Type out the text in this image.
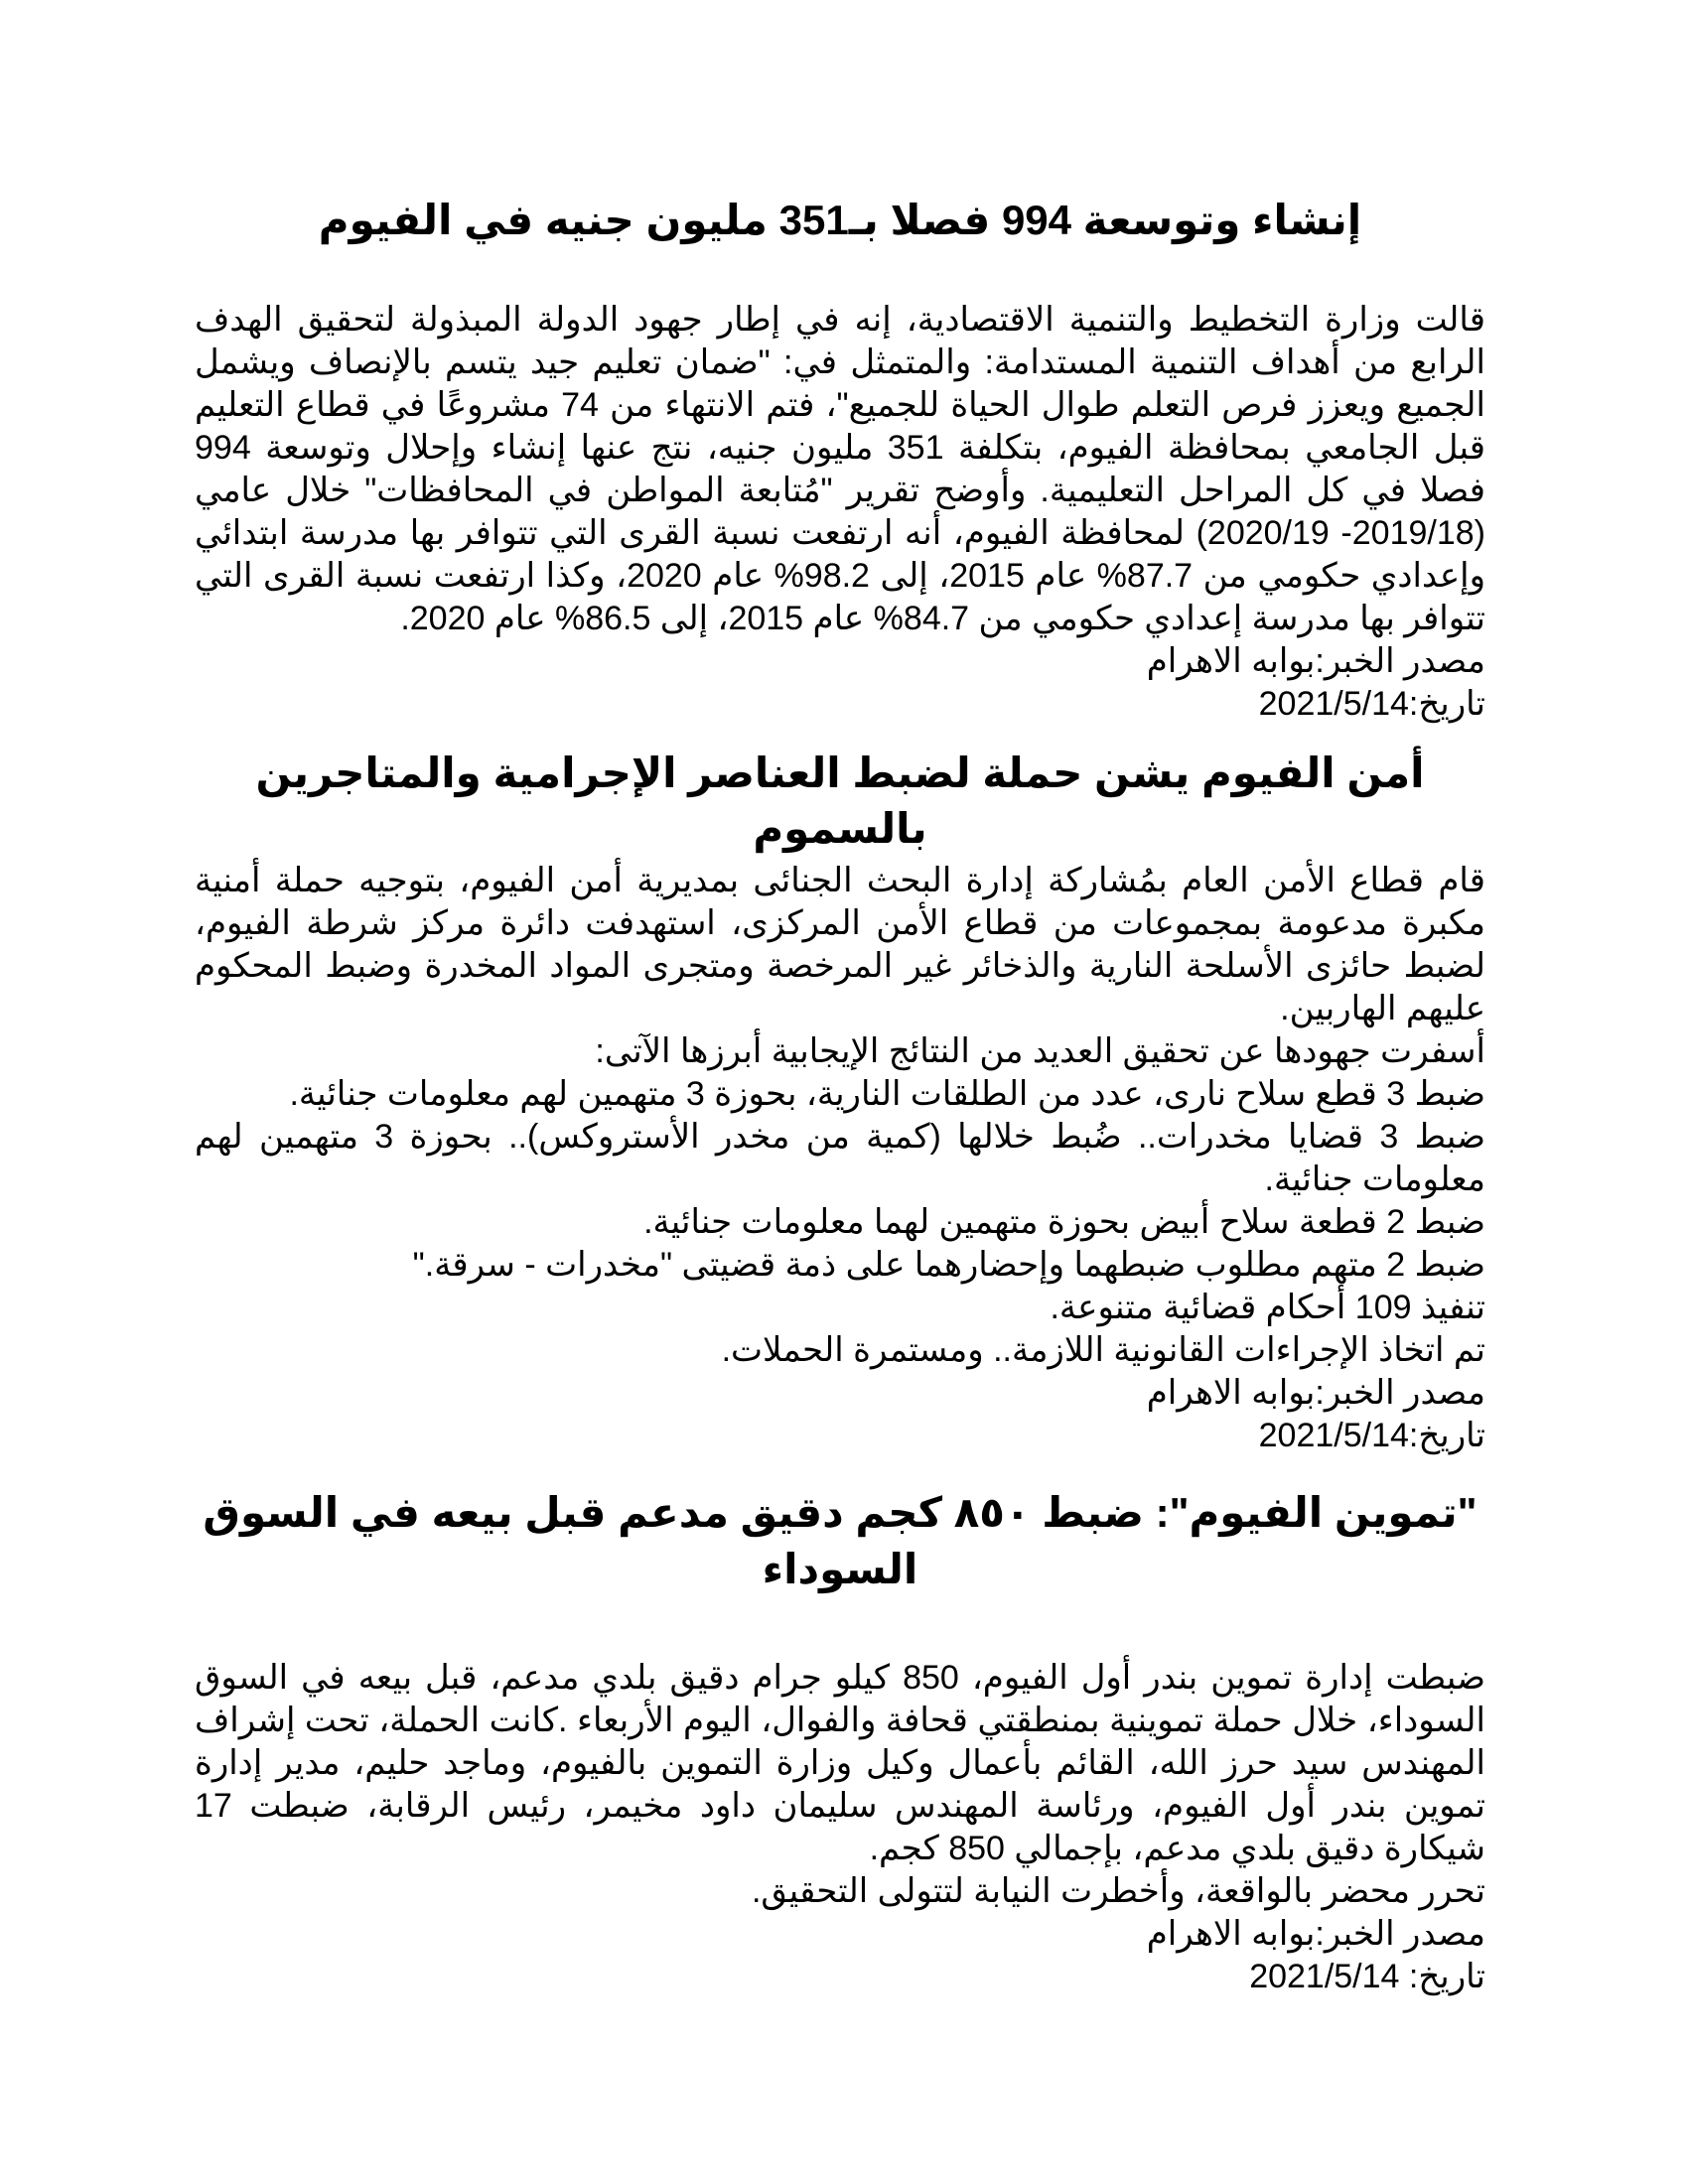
إنشاء وتوسعة 994 فصلا بـ351 مليون جنيه في الفيوم

قالت وزارة التخطيط والتنمية الاقتصادية، إنه في إطار جهود الدولة المبذولة لتحقيق الهدف الرابع من أهداف التنمية المستدامة: والمتمثل في: "ضمان تعليم جيد يتسم بالإنصاف ويشمل الجميع ويعزز فرص التعلم طوال الحياة للجميع"، فتم الانتهاء من 74 مشروعًا في قطاع التعليم قبل الجامعي بمحافظة الفيوم، بتكلفة 351 مليون جنيه، نتج عنها إنشاء وإحلال وتوسعة 994 فصلا في كل المراحل التعليمية. وأوضح تقرير "مُتابعة المواطن في المحافظات" خلال عامي (2019/18- 2020/19) لمحافظة الفيوم، أنه ارتفعت نسبة القرى التي تتوافر بها مدرسة ابتدائي وإعدادي حكومي من 87.7% عام 2015، إلى 98.2% عام 2020، وكذا ارتفعت نسبة القرى التي تتوافر بها مدرسة إعدادي حكومي من 84.7% عام 2015، إلى 86.5% عام 2020.

مصدر الخبر:بوابه الاهرام

تاريخ:2021/5/14

أمن الفيوم يشن حملة لضبط العناصر الإجرامية والمتاجرين بالسموم

قام قطاع الأمن العام بمُشاركة إدارة البحث الجنائى بمديرية أمن الفيوم، بتوجيه حملة أمنية مكبرة مدعومة بمجموعات من قطاع الأمن المركزى، استهدفت دائرة مركز شرطة الفيوم، لضبط حائزى الأسلحة النارية والذخائر غير المرخصة ومتجرى المواد المخدرة وضبط المحكوم عليهم الهاربين.

أسفرت جهودها عن تحقيق العديد من النتائج الإيجابية أبرزها الآتى:

ضبط 3 قطع سلاح نارى، عدد من الطلقات النارية، بحوزة 3 متهمين لهم معلومات جنائية.

ضبط 3 قضايا مخدرات.. ضُبط خلالها (كمية من مخدر الأستروكس).. بحوزة 3 متهمين لهم معلومات جنائية.

ضبط 2 قطعة سلاح أبيض بحوزة متهمين لهما معلومات جنائية.

ضبط 2 متهم مطلوب ضبطهما وإحضارهما على ذمة قضيتى "مخدرات - سرقة."

تنفيذ 109 أحكام قضائية متنوعة.

تم اتخاذ الإجراءات القانونية اللازمة.. ومستمرة الحملات.

مصدر الخبر:بوابه الاهرام

تاريخ:2021/5/14

"تموين الفيوم": ضبط ٨٥٠ كجم دقيق مدعم قبل بيعه في السوق السوداء

ضبطت إدارة تموين بندر أول الفيوم، 850 كيلو جرام دقيق بلدي مدعم، قبل بيعه في السوق السوداء، خلال حملة تموينية بمنطقتي قحافة والفوال، اليوم الأربعاء .كانت الحملة، تحت إشراف المهندس سيد حرز الله، القائم بأعمال وكيل وزارة التموين بالفيوم، وماجد حليم، مدير إدارة تموين بندر أول الفيوم، ورئاسة المهندس سليمان داود مخيمر، رئيس الرقابة، ضبطت 17 شيكارة دقيق بلدي مدعم، بإجمالي 850 كجم.

تحرر محضر بالواقعة، وأخطرت النيابة لتتولى التحقيق.

مصدر الخبر:بوابه الاهرام

تاريخ: 2021/5/14
